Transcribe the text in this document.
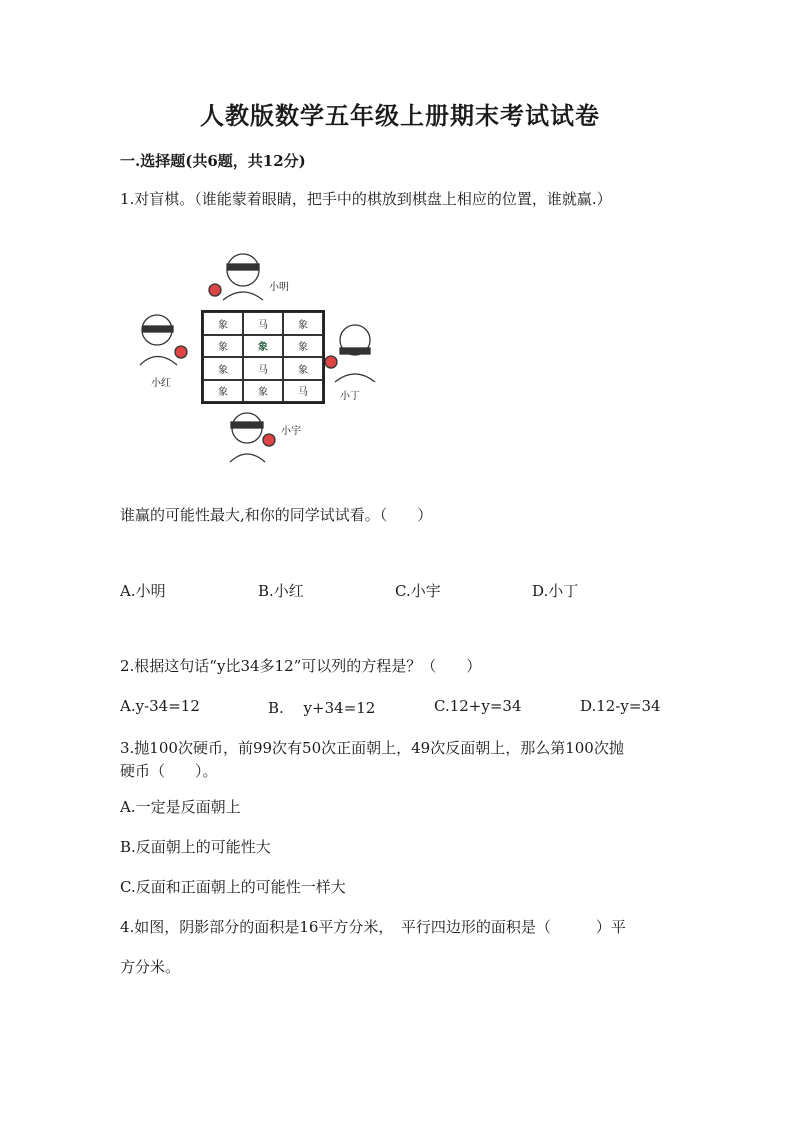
人教版数学五年级上册期末考试试卷
一.选择题(共6题，共12分)
1.对盲棋。（谁能蒙着眼睛，把手中的棋放到棋盘上相应的位置，谁就赢.）
象	马	象
象	象	象
象	马	象
象	象	马
小明
小红
小丁
小宇
谁赢的可能性最大,和你的同学试试看。（　　）
A.小明	B.小红	C.小宇	D.小丁
2.根据这句话“y比34多12”可以列的方程是？（　　）
A.y-34=12	B.　 y+34=12	C.12+y=34	D.12-y=34
3.抛100次硬币，前99次有50次正面朝上，49次反面朝上，那么第100次抛
硬币（　　）。
A.一定是反面朝上
B.反面朝上的可能性大
C.反面和正面朝上的可能性一样大
4.如图，阴影部分的面积是16平方分米，　平行四边形的面积是（　　　）平
方分米。
